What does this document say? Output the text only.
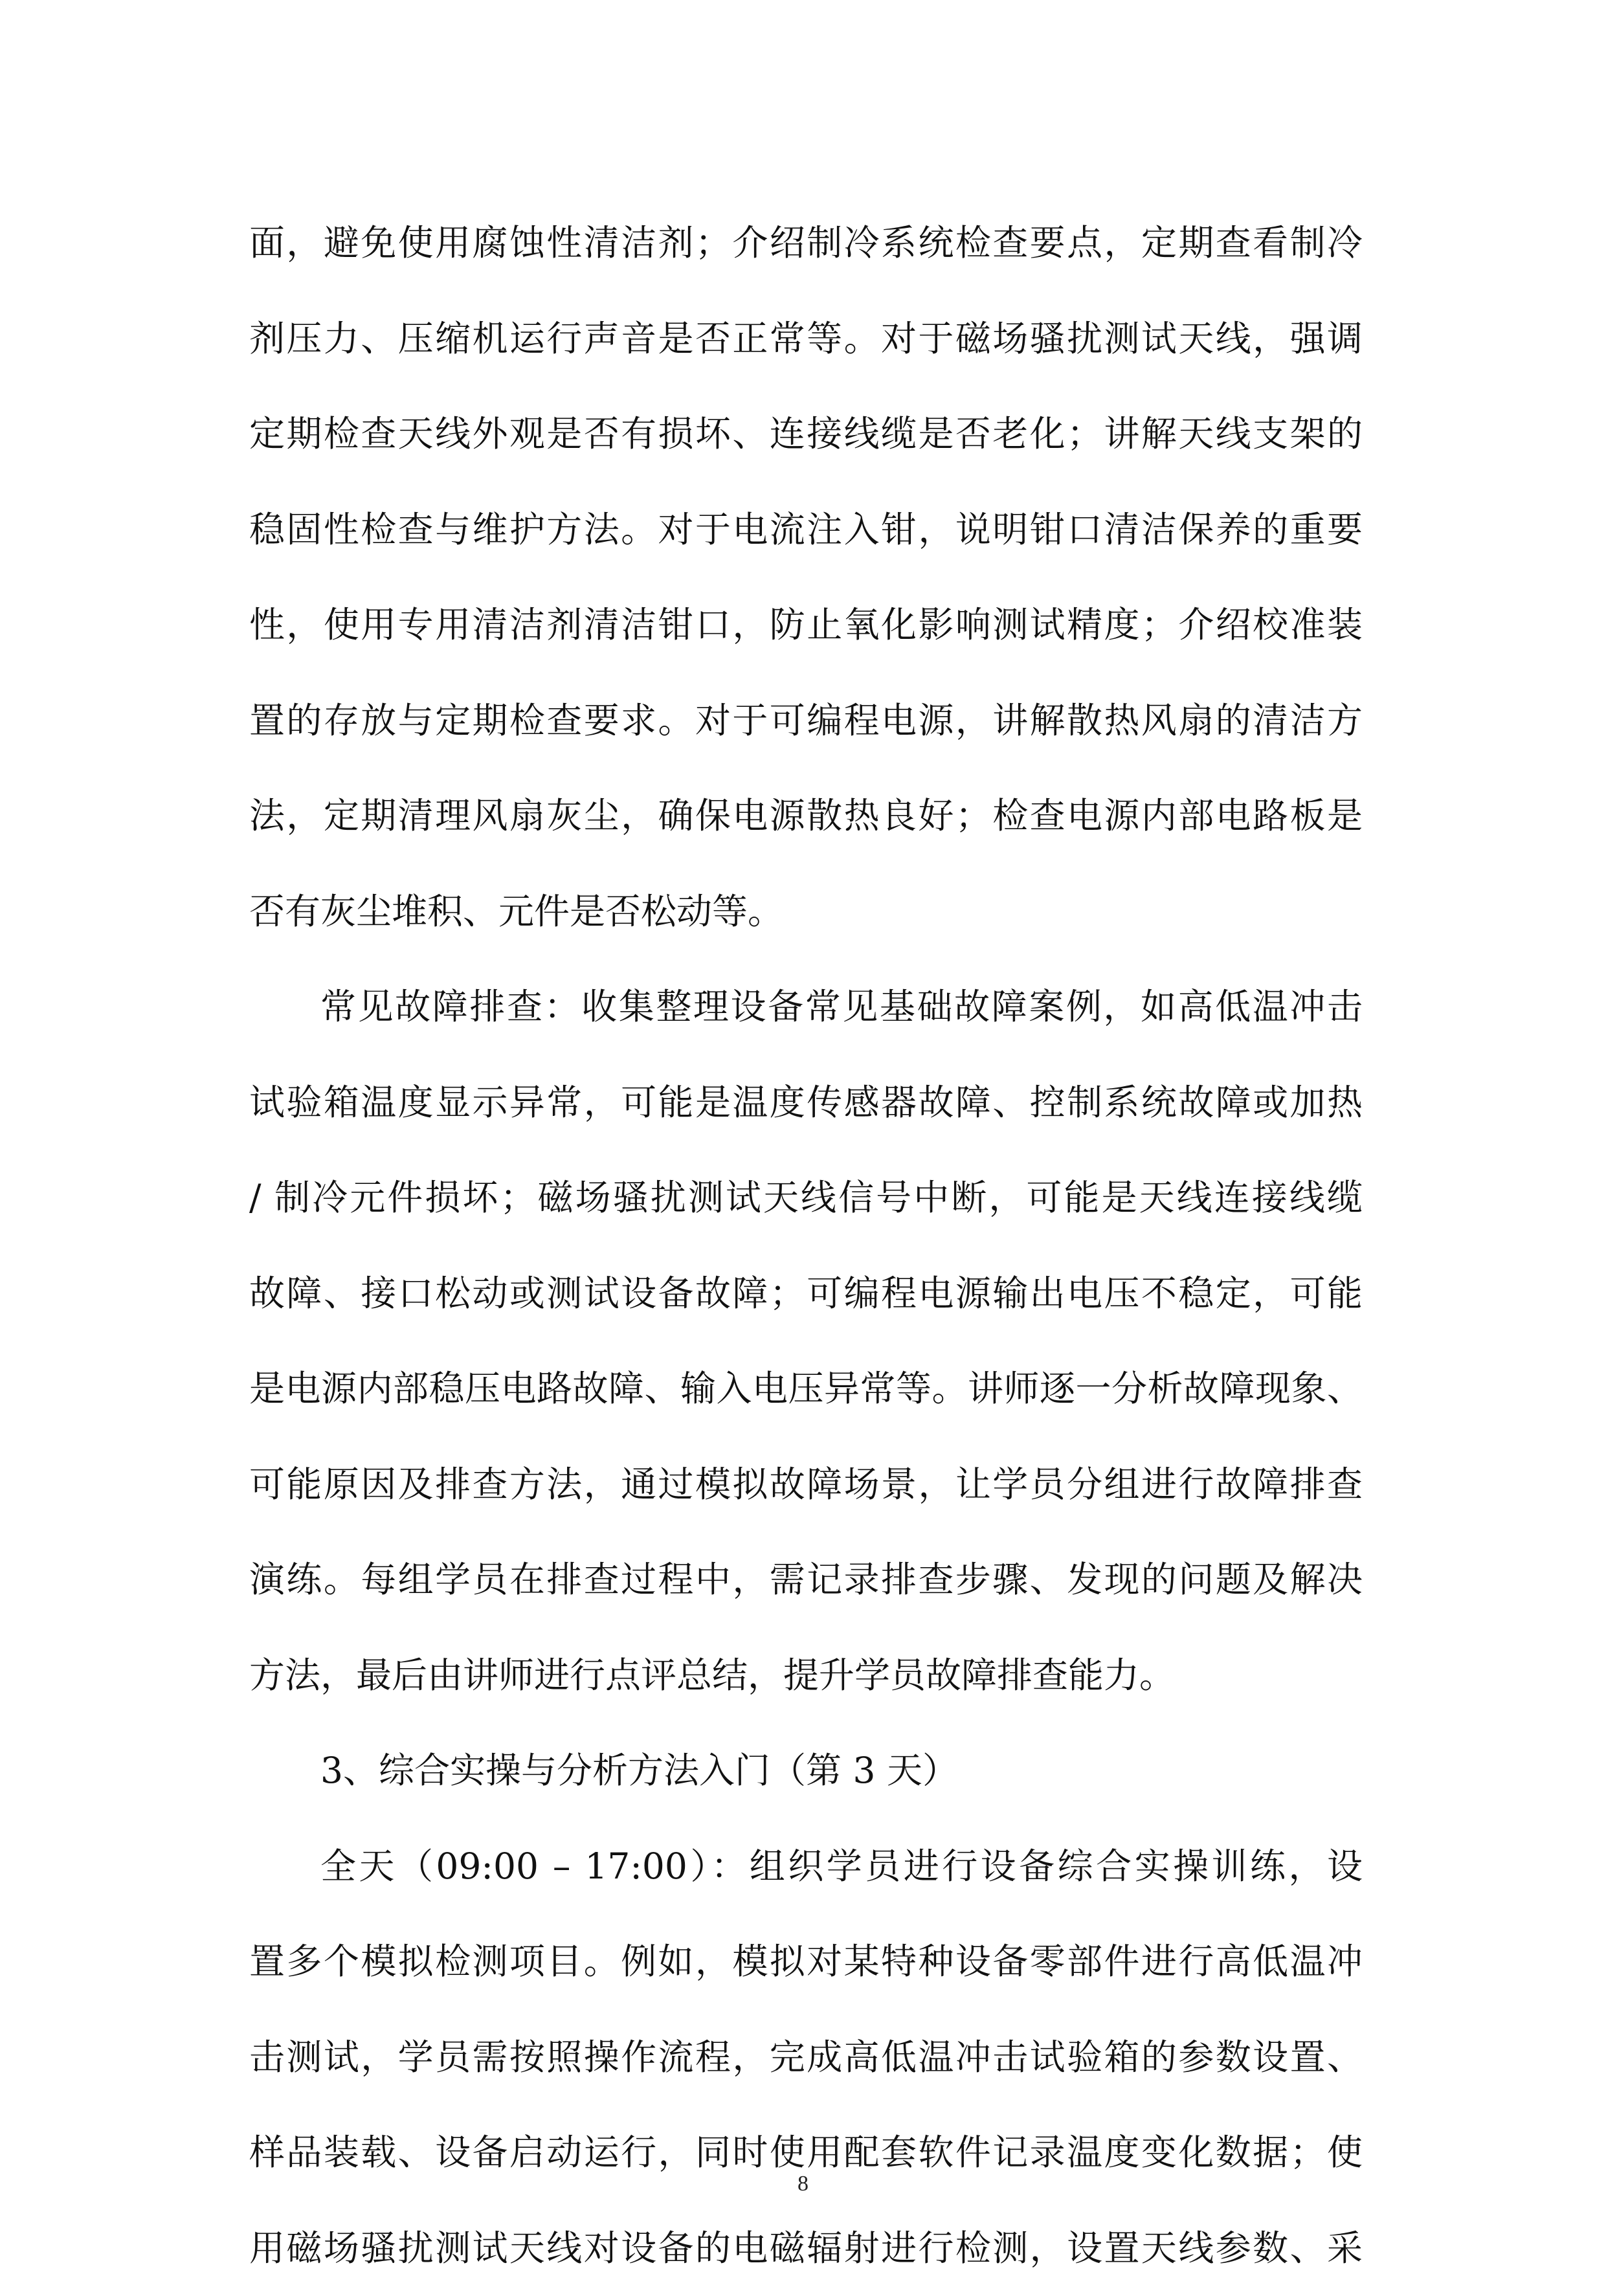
面，避免使用腐蚀性清洁剂；介绍制冷系统检查要点，定期查看制冷
剂压力、压缩机运行声音是否正常等。对于磁场骚扰测试天线，强调
定期检查天线外观是否有损坏、连接线缆是否老化；讲解天线支架的
稳固性检查与维护方法。对于电流注入钳，说明钳口清洁保养的重要
性，使用专用清洁剂清洁钳口，防止氧化影响测试精度；介绍校准装
置的存放与定期检查要求。对于可编程电源，讲解散热风扇的清洁方
法，定期清理风扇灰尘，确保电源散热良好；检查电源内部电路板是
否有灰尘堆积、元件是否松动等。
常见故障排查：收集整理设备常见基础故障案例，如高低温冲击
试验箱温度显示异常，可能是温度传感器故障、控制系统故障或加热
/ 制冷元件损坏；磁场骚扰测试天线信号中断，可能是天线连接线缆
故障、接口松动或测试设备故障；可编程电源输出电压不稳定，可能
是电源内部稳压电路故障、输入电压异常等。讲师逐一分析故障现象、
可能原因及排查方法，通过模拟故障场景，让学员分组进行故障排查
演练。每组学员在排查过程中，需记录排查步骤、发现的问题及解决
方法，最后由讲师进行点评总结，提升学员故障排查能力。
3、综合实操与分析方法入门（第 3 天）
全天（09:00 – 17:00）：组织学员进行设备综合实操训练，设
置多个模拟检测项目。例如，模拟对某特种设备零部件进行高低温冲
击测试，学员需按照操作流程，完成高低温冲击试验箱的参数设置、
样品装载、设备启动运行，同时使用配套软件记录温度变化数据；使
用磁场骚扰测试天线对设备的电磁辐射进行检测，设置天线参数、采
8
